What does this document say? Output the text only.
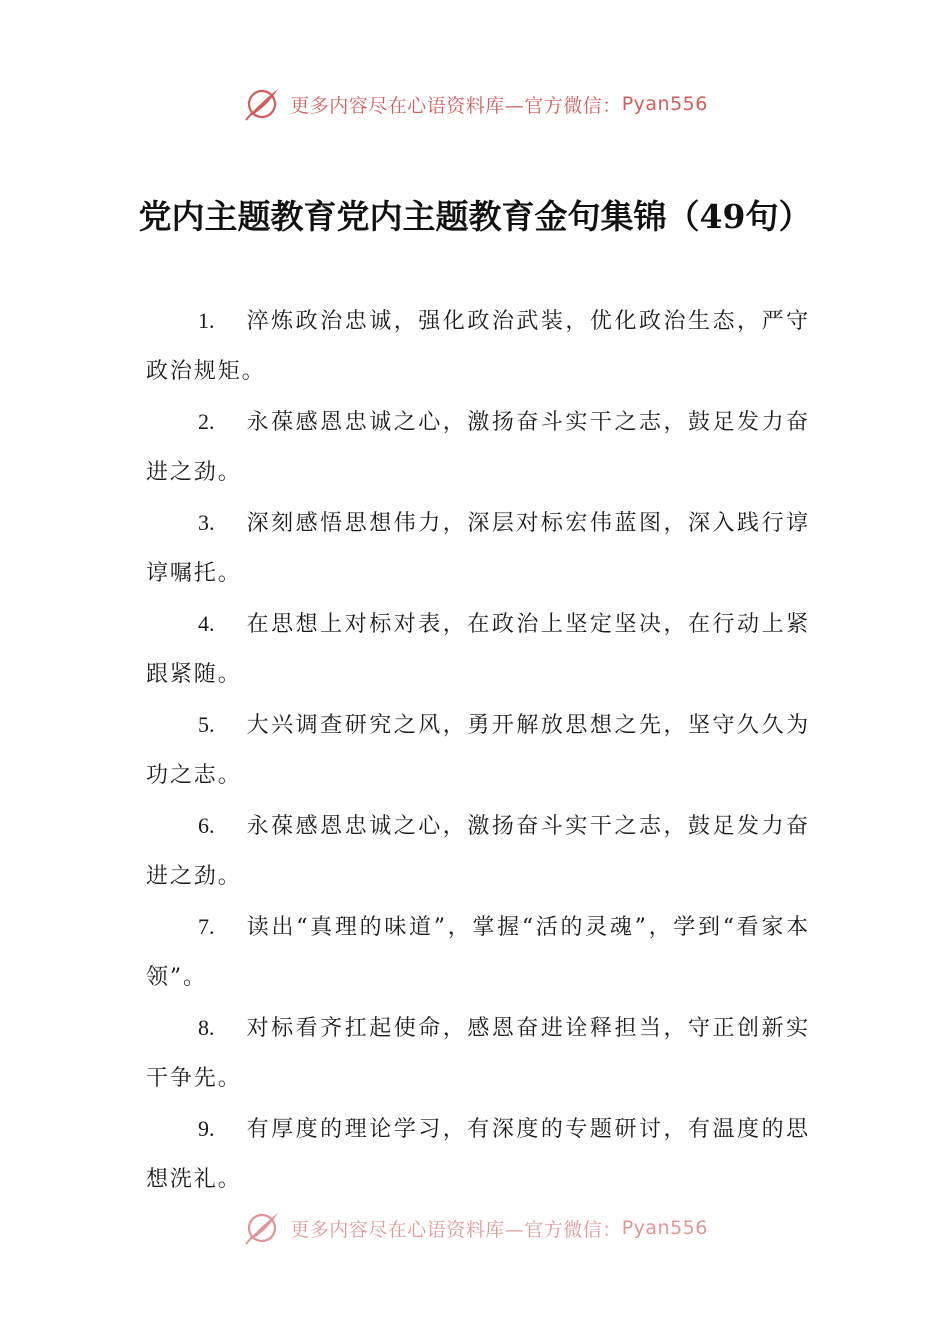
更多内容尽在心语资料库—官方微信：Pyan556
党内主题教育党内主题教育金句集锦（49句）
1. 淬炼政治忠诚，强化政治武装，优化政治生态，严守政治规矩。
2. 永葆感恩忠诚之心，激扬奋斗实干之志，鼓足发力奋进之劲。
3. 深刻感悟思想伟力，深层对标宏伟蓝图，深入践行谆谆嘱托。
4. 在思想上对标对表，在政治上坚定坚决，在行动上紧跟紧随。
5. 大兴调查研究之风，勇开解放思想之先，坚守久久为功之志。
6. 永葆感恩忠诚之心，激扬奋斗实干之志，鼓足发力奋进之劲。
7. 读出“真理的味道”，掌握“活的灵魂”，学到“看家本领”。
8. 对标看齐扛起使命，感恩奋进诠释担当，守正创新实干争先。
9. 有厚度的理论学习，有深度的专题研讨，有温度的思想洗礼。
更多内容尽在心语资料库—官方微信：Pyan556
